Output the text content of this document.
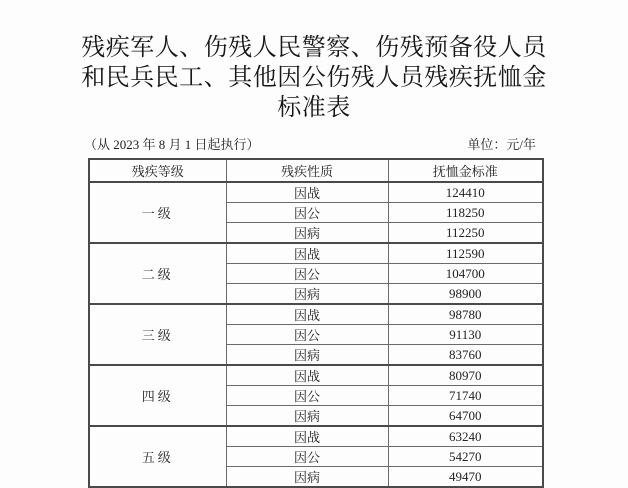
残疾军人、伤残人民警察、伤残预备役人员
和民兵民工、其他因公伤残人员残疾抚恤金
标准表
（从 2023 年 8 月 1 日起执行）	单位：元/年
残疾等级	残疾性质	抚恤金标准
一级	因战	124410
	因公	118250
	因病	112250
二级	因战	112590
	因公	104700
	因病	98900
三级	因战	98780
	因公	91130
	因病	83760
四级	因战	80970
	因公	71740
	因病	64700
五级	因战	63240
	因公	54270
	因病	49470
